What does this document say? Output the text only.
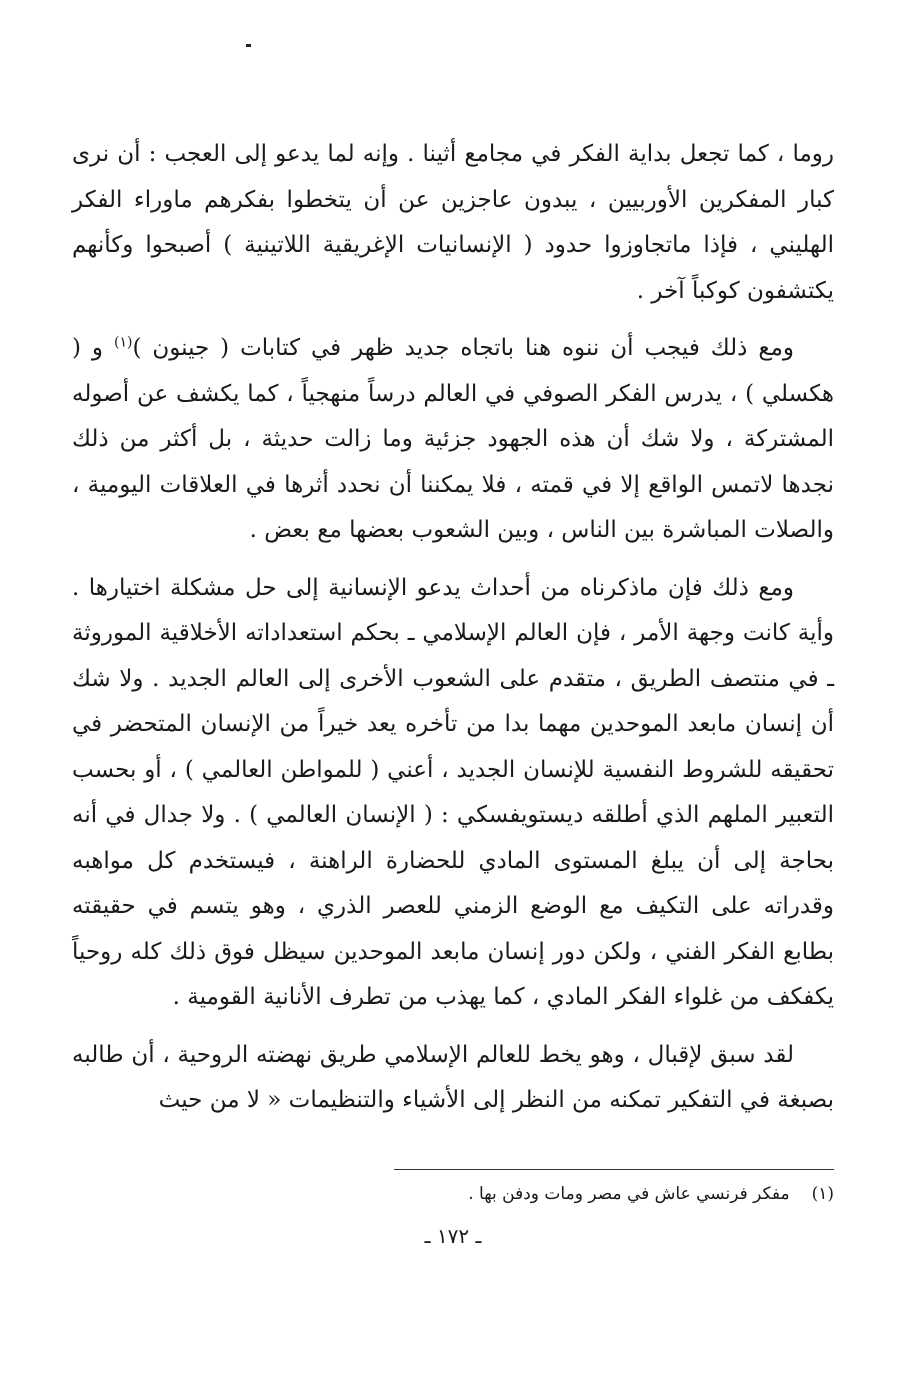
روما ، كما تجعل بداية الفكر في مجامع أثينا . وإنه لما يدعو إلى العجب : أن نرى كبار المفكرين الأوربيين ، يبدون عاجزين عن أن يتخطوا بفكرهم ماوراء الفكر الهليني ، فإذا ماتجاوزوا حدود ( الإنسانيات الإغريقية اللاتينية ) أصبحوا وكأنهم يكتشفون كوكباً آخر .

ومع ذلك فيجب أن ننوه هنا باتجاه جديد ظهر في كتابات ( جينون )$^{(١)}$ و ( هكسلي ) ، يدرس الفكر الصوفي في العالم درساً منهجياً ، كما يكشف عن أصوله المشتركة ، ولا شك أن هذه الجهود جزئية وما زالت حديثة ، بل أكثر من ذلك نجدها لاتمس الواقع إلا في قمته ، فلا يمكننا أن نحدد أثرها في العلاقات اليومية ، والصلات المباشرة بين الناس ، وبين الشعوب بعضها مع بعض .

ومع ذلك فإن ماذكرناه من أحداث يدعو الإنسانية إلى حل مشكلة اختيارها . وأية كانت وجهة الأمر ، فإن العالم الإسلامي ـ بحكم استعداداته الأخلاقية الموروثة ـ في منتصف الطريق ، متقدم على الشعوب الأخرى إلى العالم الجديد . ولا شك أن إنسان مابعد الموحدين مهما بدا من تأخره يعد خيراً من الإنسان المتحضر في تحقيقه للشروط النفسية للإنسان الجديد ، أعني ( للمواطن العالمي ) ، أو بحسب التعبير الملهم الذي أطلقه ديستويفسكي : ( الإنسان العالمي ) . ولا جدال في أنه بحاجة إلى أن يبلغ المستوى المادي للحضارة الراهنة ، فيستخدم كل مواهبه وقدراته على التكيف مع الوضع الزمني للعصر الذري ، وهو يتسم في حقيقته بطابع الفكر الفني ، ولكن دور إنسان مابعد الموحدين سيظل فوق ذلك كله روحياً يكفكف من غلواء الفكر المادي ، كما يهذب من تطرف الأنانية القومية .

لقد سبق لإقبال ، وهو يخط للعالم الإسلامي طريق نهضته الروحية ، أن طالبه بصبغة في التفكير تمكنه من النظر إلى الأشياء والتنظيمات « لا من حيث

(١)مفكر فرنسي عاش في مصر ومات ودفن بها .
ـ ١٧٢ ـ
